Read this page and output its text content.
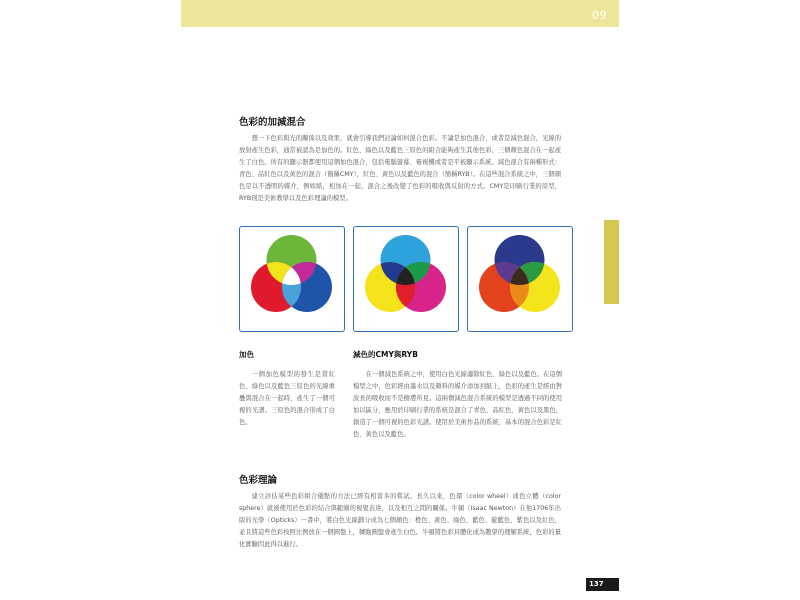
09
色彩的加減混合

想一下色彩與光的關係以及效果，就會引導我們討論如何混合色彩。不論是加色混合，或者是減色混合，光線的放射產生色彩，通常被認為是加色的。紅色、綠色以及藍色三原色的組合能夠產生其他色彩，三個顏色混合在一起產生了白色。所有的顯示器都使用這個加色混合，包括電腦螢幕、電視機或者是平板顯示系統。減色混合有兩種形式：青色、品紅色以及黃色的混合（簡稱CMY），紅色、黃色以及藍色的混合（簡稱RYB）。在這些混合系統之中，三個顏色是以不透明的媒介，例如紙，相加在一起，混合之後改變了色彩的吸收與反射的方式。CMY是印刷行業的原型，RYB則是美術教學以及色彩理論的模型。

加色

一個加色模型的發生是當紅色、綠色以及藍色三原色的光線重疊與混合在一起時，產生了一個可視的光譜。三原色的混合形成了白色。

減色的CMY與RYB

在一個減色系統之中，使用白色光線濾除紅色、綠色以及藍色。在這個模型之中，色彩經由墨水以及顏料的媒介添加到紙上，色彩的產生是經由對波長的吸收而不是樹膚所見。這兩個減色混合系統的模型是透過不同的使用加以區分，應用於印刷行業的系統是混合了青色、品紅色、黃色以及黑色，創造了一個可視的色彩光譜。使用於美術作品的系統，基本的混合色彩是紅色、黃色以及藍色。

色彩理論

建立評估某些色彩組合優點的方法已經有相當多的嘗試。長久以來，色環（color wheel）或色立體（color sphere）就被使用於色彩的結合與範圍的視覺表達，以及相互之間的關係。牛頓（Isaac Newton）在他1706年出版的光學（Opticks）一書中，將白色光線劃分成為七個顏色：橙色、黃色、綠色、藍色、靛藍色、紫色以及紅色，並且將這些色彩按照比例放在一個圓盤上，轉動圓盤會產生白色。牛頓將色彩具體化成為數學的理解系統，色彩的量化實驗因此得以進行。

137
